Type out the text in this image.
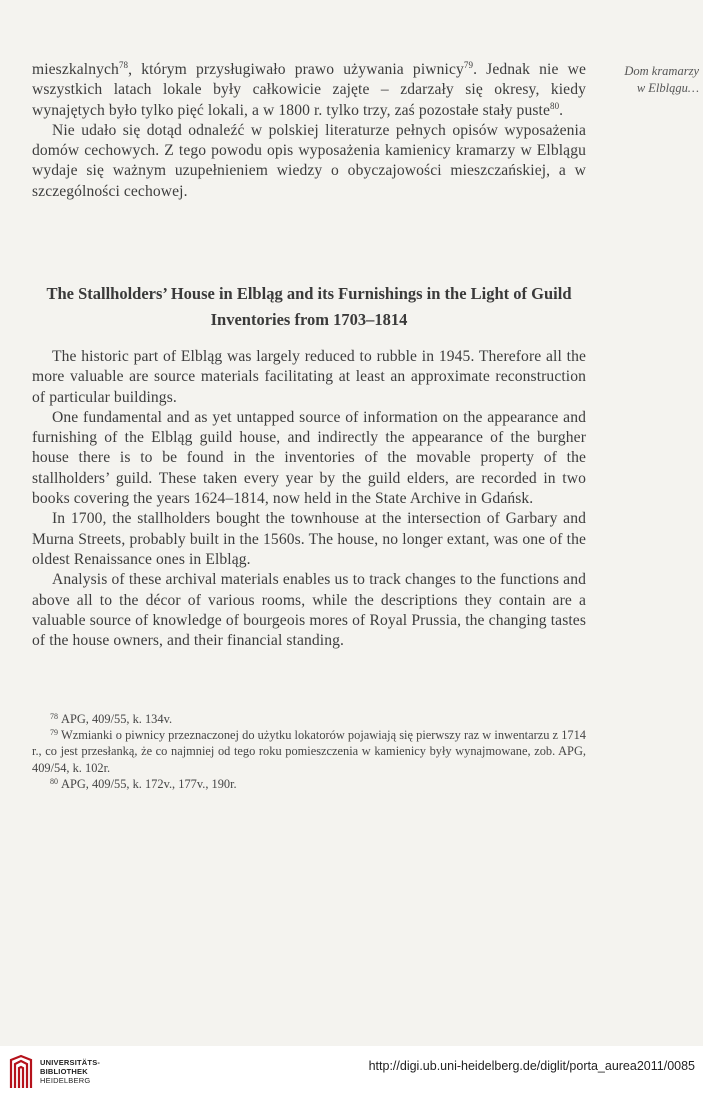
mieszkalnych$^{78}$, którym przysługiwało prawo używania piwnicy$^{79}$. Jednak nie we wszystkich latach lokale były całkowicie zajęte – zdarzały się okresy, kiedy wynajętych było tylko pięć lokali, a w 1800 r. tylko trzy, zaś pozostałe stały puste$^{80}$.

Nie udało się dotąd odnaleźć w polskiej literaturze pełnych opisów wyposażenia domów cechowych. Z tego powodu opis wyposażenia kamienicy kramarzy w Elblągu wydaje się ważnym uzupełnieniem wiedzy o obyczajowości mieszczańskiej, a w szczególności cechowej.

Dom kramarzy
w Elblągu…
The Stallholders’ House in Elbląg and its Furnishings in the Light of Guild
Inventories from 1703–1814

The historic part of Elbląg was largely reduced to rubble in 1945. Therefore all the more valuable are source materials facilitating at least an approximate reconstruction of particular buildings.

One fundamental and as yet untapped source of information on the appearance and furnishing of the Elbląg guild house, and indirectly the appearance of the burgher house there is to be found in the inventories of the movable property of the stallholders’ guild. These taken every year by the guild elders, are recorded in two books covering the years 1624–1814, now held in the State Archive in Gdańsk.

In 1700, the stallholders bought the townhouse at the intersection of Garbary and Murna Streets, probably built in the 1560s. The house, no longer extant, was one of the oldest Renaissance ones in Elbląg.

Analysis of these archival materials enables us to track changes to the functions and above all to the décor of various rooms, while the descriptions they contain are a valuable source of knowledge of bourgeois mores of Royal Prussia, the changing tastes of the house owners, and their financial standing.

$^{78}$ APG, 409/55, k. 134v.

$^{79}$ Wzmianki o piwnicy przeznaczonej do użytku lokatorów pojawiają się pierwszy raz w inwentarzu z 1714 r., co jest przesłanką, że co najmniej od tego roku pomieszczenia w kamienicy były wynajmowane, zob. APG, 409/54, k. 102r.

$^{80}$ APG, 409/55, k. 172v., 177v., 190r.

UNIVERSITÄTS-
BIBLIOTHEK
HEIDELBERG
http://digi.ub.uni-heidelberg.de/diglit/porta_aurea2011/0085
